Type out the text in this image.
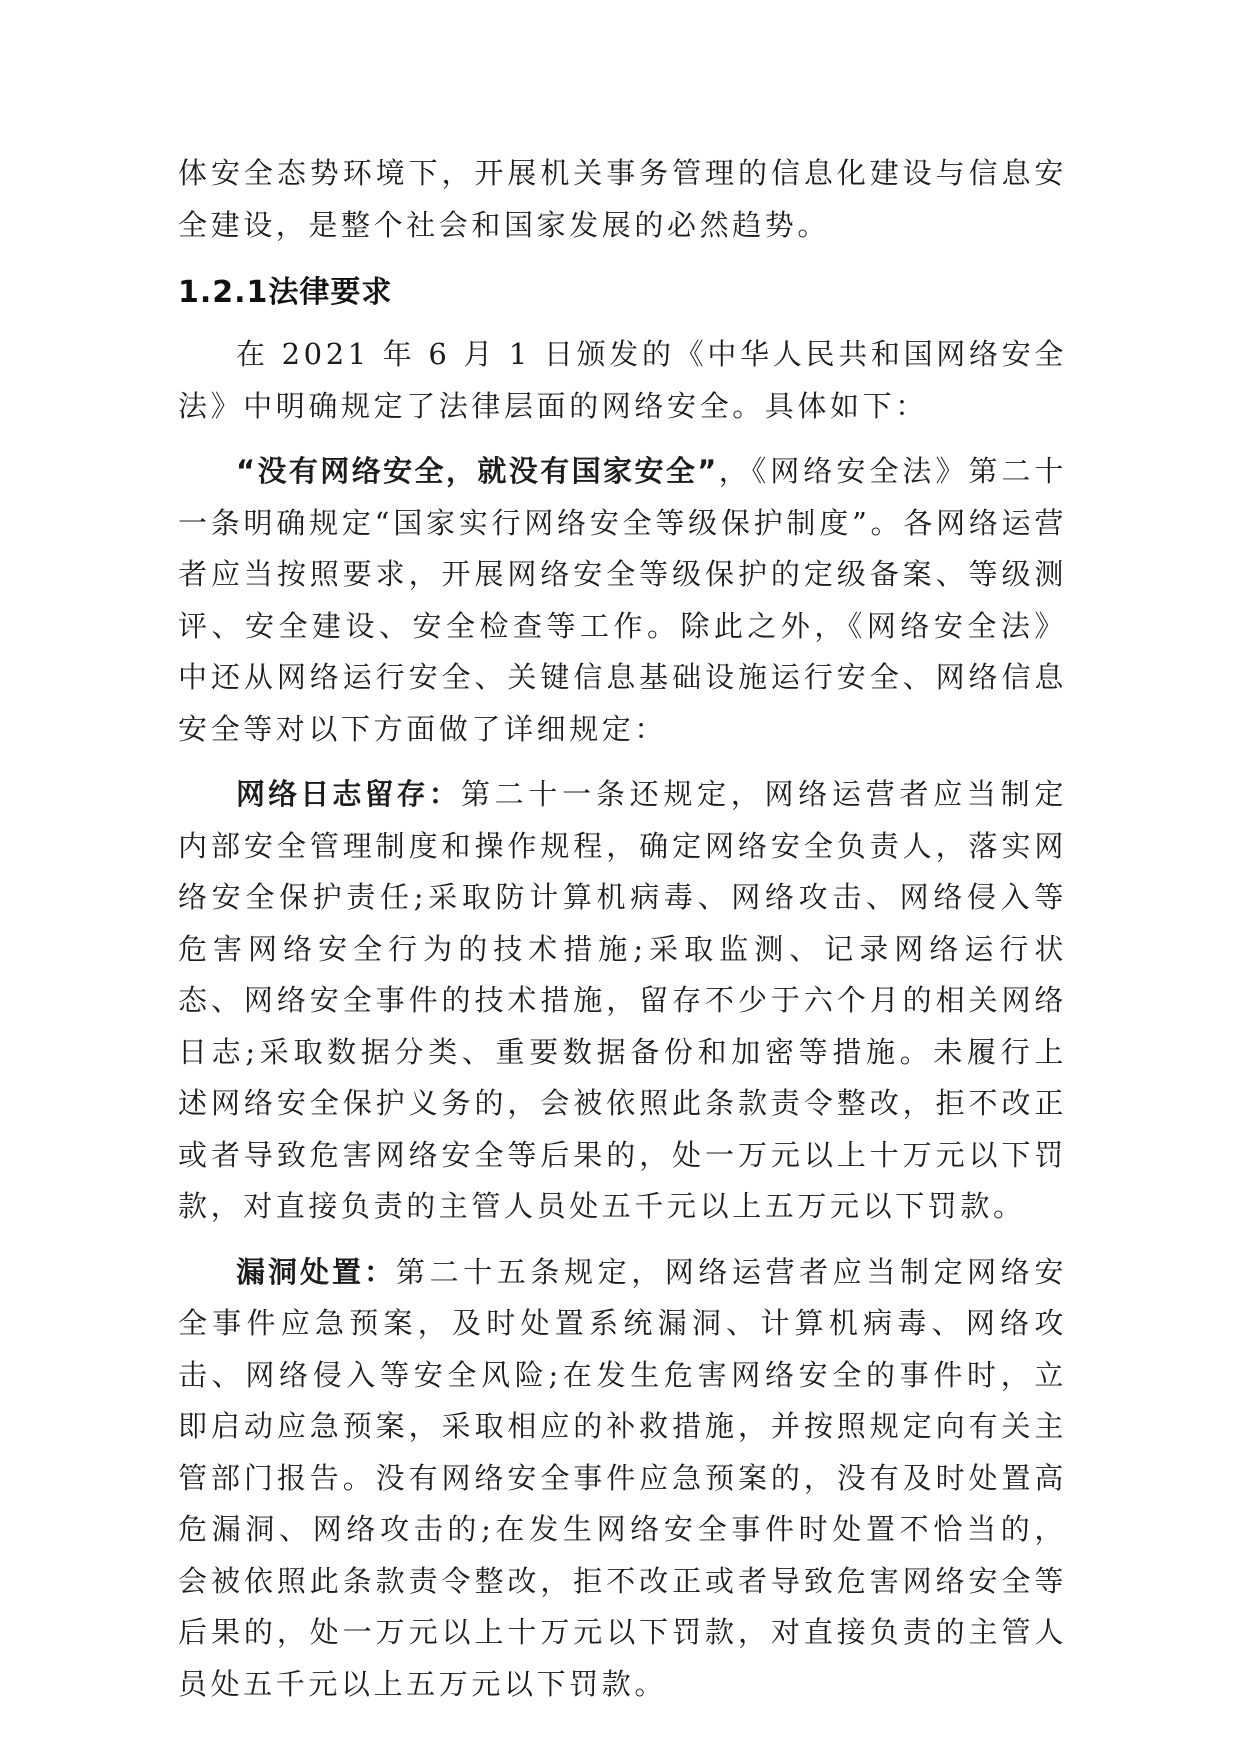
体安全态势环境下，开展机关事务管理的信息化建设与信息安全建设，是整个社会和国家发展的必然趋势。

1.2.1法律要求

在 2021 年 6 月 1 日颁发的《中华人民共和国网络安全法》中明确规定了法律层面的网络安全。具体如下：

“没有网络安全，就没有国家安全”，《网络安全法》第二十一条明确规定“国家实行网络安全等级保护制度”。各网络运营者应当按照要求，开展网络安全等级保护的定级备案、等级测评、安全建设、安全检查等工作。除此之外，《网络安全法》中还从网络运行安全、关键信息基础设施运行安全、网络信息安全等对以下方面做了详细规定：

网络日志留存：第二十一条还规定，网络运营者应当制定内部安全管理制度和操作规程，确定网络安全负责人，落实网络安全保护责任;采取防计算机病毒、网络攻击、网络侵入等危害网络安全行为的技术措施;采取监测、记录网络运行状态、网络安全事件的技术措施，留存不少于六个月的相关网络日志;采取数据分类、重要数据备份和加密等措施。未履行上述网络安全保护义务的，会被依照此条款责令整改，拒不改正或者导致危害网络安全等后果的，处一万元以上十万元以下罚款，对直接负责的主管人员处五千元以上五万元以下罚款。

漏洞处置：第二十五条规定，网络运营者应当制定网络安全事件应急预案，及时处置系统漏洞、计算机病毒、网络攻击、网络侵入等安全风险;在发生危害网络安全的事件时，立即启动应急预案，采取相应的补救措施，并按照规定向有关主管部门报告。没有网络安全事件应急预案的，没有及时处置高危漏洞、网络攻击的;在发生网络安全事件时处置不恰当的，会被依照此条款责令整改，拒不改正或者导致危害网络安全等后果的，处一万元以上十万元以下罚款，对直接负责的主管人员处五千元以上五万元以下罚款。
